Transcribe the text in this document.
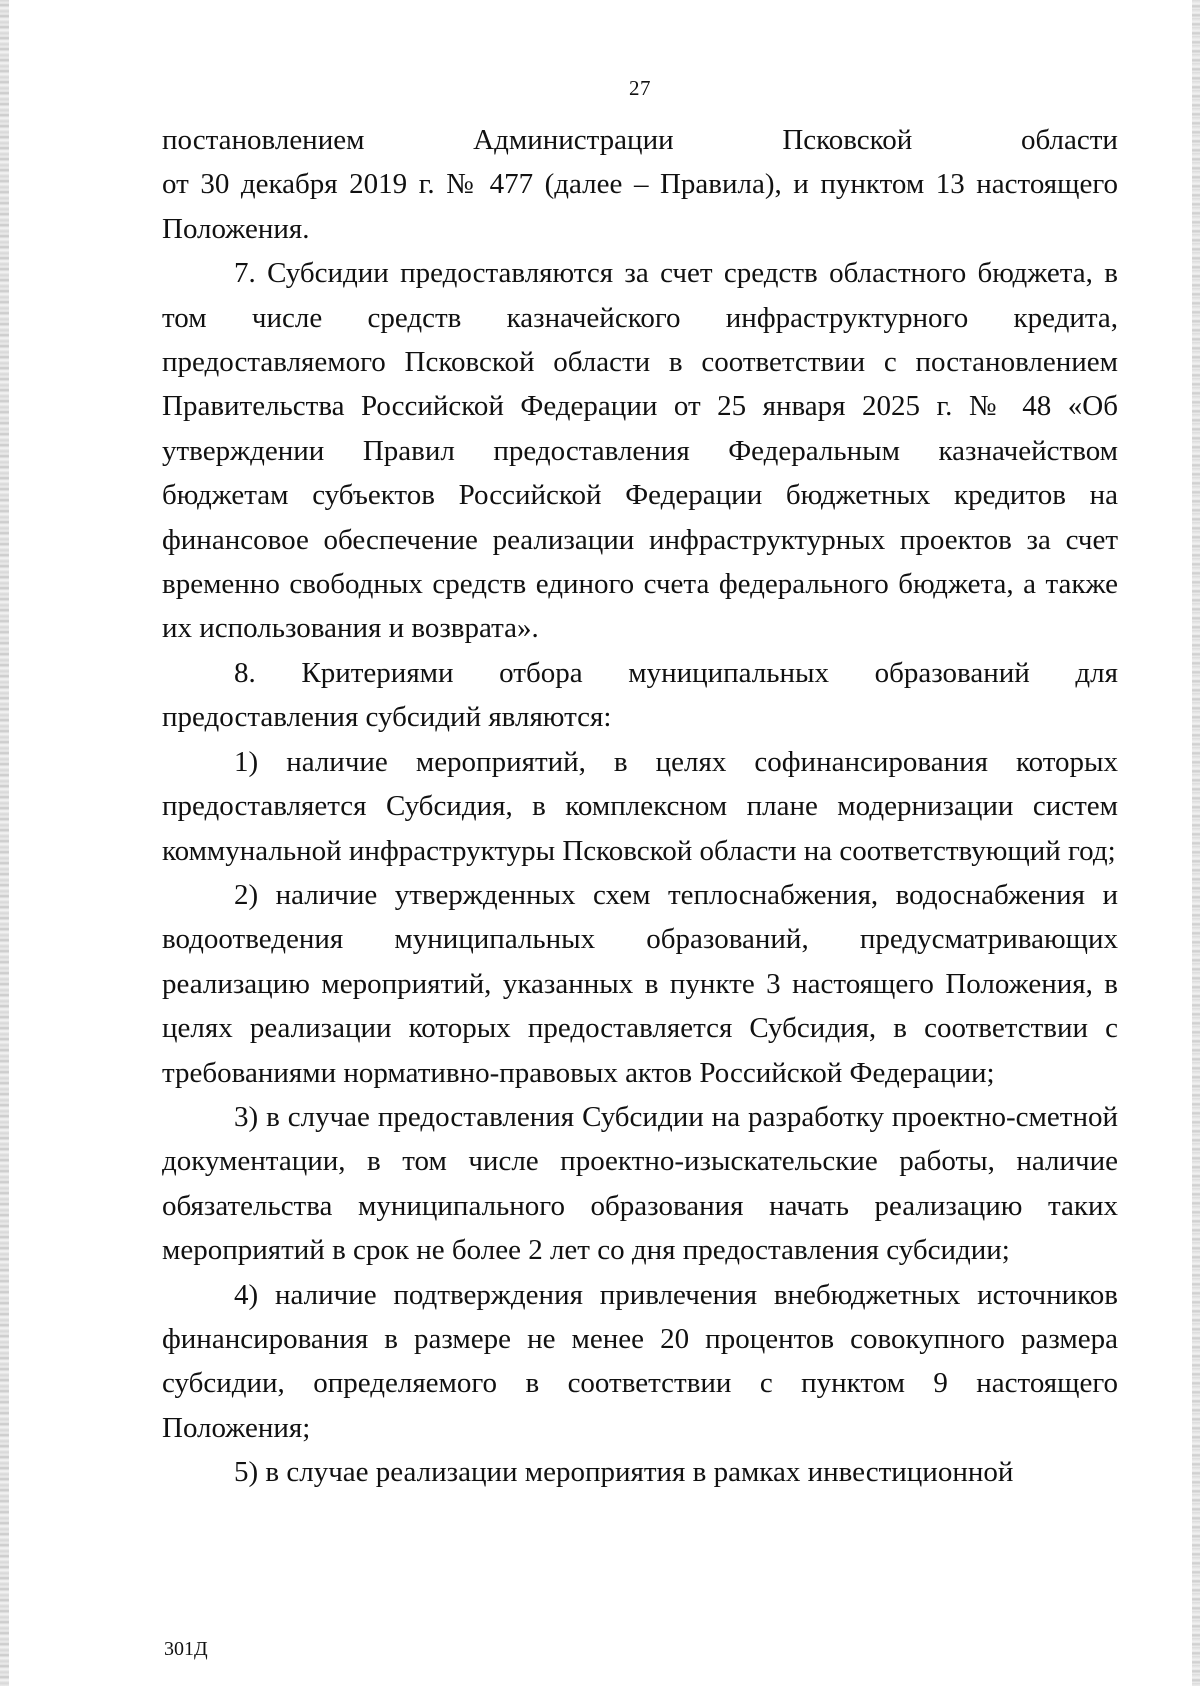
27
постановлением	Администрации	Псковской	области

от 30 декабря 2019 г. № 477 (далее – Правила), и пунктом 13 настоящего Положения.

7. Субсидии предоставляются за счет средств областного бюджета, в том числе средств казначейского инфраструктурного кредита, предоставляемого Псковской области в соответствии с постановлением Правительства Российской Федерации от 25 января 2025 г. № 48 «Об утверждении Правил предоставления Федеральным казначейством бюджетам субъектов Российской Федерации бюджетных кредитов на финансовое обеспечение реализации инфраструктурных проектов за счет временно свободных средств единого счета федерального бюджета, а также их использования и возврата».

8. Критериями отбора муниципальных образований для предоставления субсидий являются:

1) наличие мероприятий, в целях софинансирования которых предоставляется Субсидия, в комплексном плане модернизации систем коммунальной инфраструктуры Псковской области на соответствующий год;

2) наличие утвержденных схем теплоснабжения, водоснабжения и водоотведения муниципальных образований, предусматривающих реализацию мероприятий, указанных в пункте 3 настоящего Положения, в целях реализации которых предоставляется Субсидия, в соответствии с требованиями нормативно-правовых актов Российской Федерации;

3) в случае предоставления Субсидии на разработку проектно-сметной документации, в том числе проектно-изыскательские работы, наличие обязательства муниципального образования начать реализацию таких мероприятий в срок не более 2 лет со дня предоставления субсидии;

4) наличие подтверждения привлечения внебюджетных источников финансирования в размере не менее 20 процентов совокупного размера субсидии, определяемого в соответствии с пунктом 9 настоящего Положения;

5) в случае реализации мероприятия в рамках инвестиционной

301Д
